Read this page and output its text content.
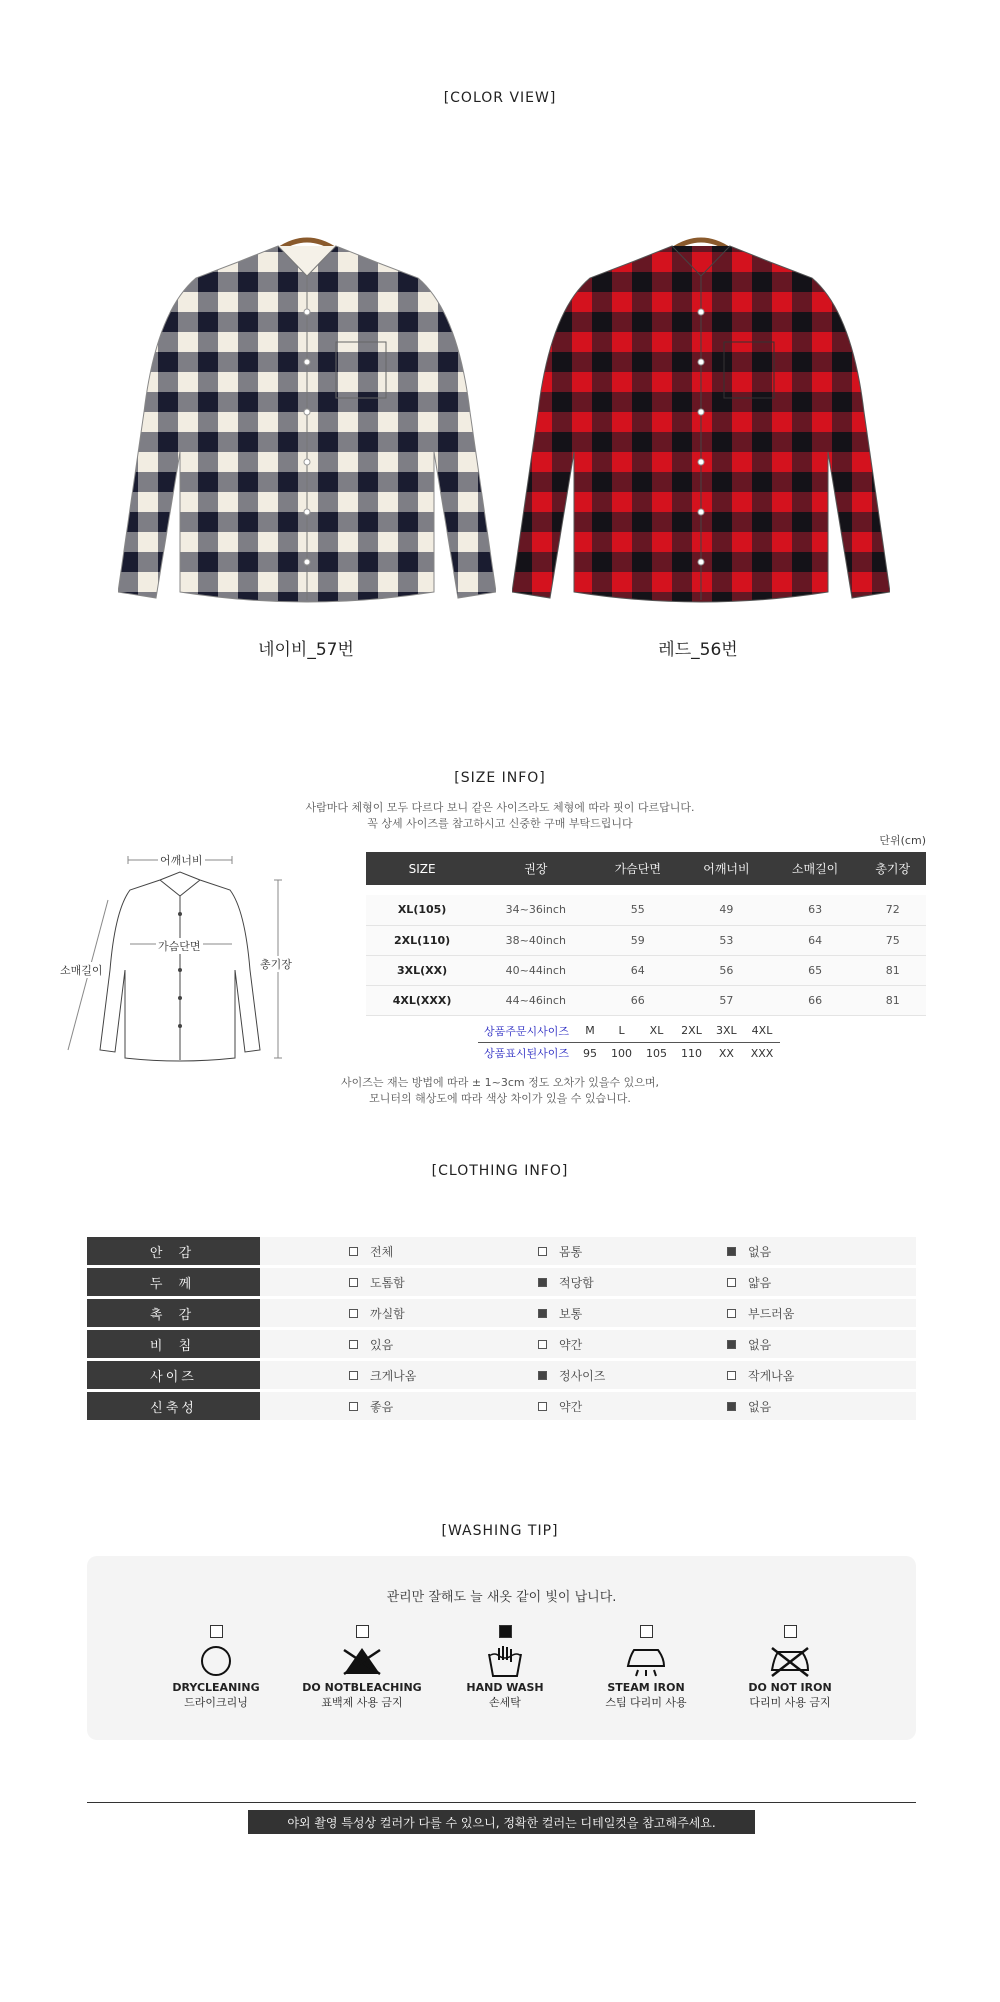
[COLOR VIEW]
네이비_57번	레드_56번
[SIZE INFO]
사람마다 체형이 모두 다르다 보니 같은 사이즈라도 체형에 따라 핏이 다르답니다.
꼭 상세 사이즈를 참고하시고 신중한 구매 부탁드립니다
단위(cm)
어깨너비
가슴단면
소매길이	총기장
SIZE	권장	가슴단면	어깨너비	소매길이	총기장

XL(105)	34~36inch	55	49	63	72
2XL(110)	38~40inch	59	53	64	75
3XL(XX)	40~44inch	64	56	65	81
4XL(XXX)	44~46inch	66	57	66	81
상품주문시사이즈	M	L	XL	2XL	3XL	4XL
상품표시된사이즈	95	100	105	110	XX	XXX
사이즈는 재는 방법에 따라 ± 1~3cm 정도 오차가 있을수 있으며,
모니터의 해상도에 따라 색상 차이가 있을 수 있습니다.
[CLOTHING INFO]
안 감	전체	몸통	없음
두 께	도톰함	적당함	얇음
촉 감	까실함	보통	부드러움
비 침	있음	약간	없음
사이즈	크게나옴	정사이즈	작게나옴
신축성	좋음	약간	없음
[WASHING TIP]
관리만 잘해도 늘 새옷 같이 빛이 납니다.
DRYCLEANING
드라이크리닝
DO NOTBLEACHING
표백제 사용 금지
HAND WASH
손세탁
STEAM IRON
스팀 다리미 사용
DO NOT IRON
다리미 사용 금지
야외 촬영 특성상 컬러가 다를 수 있으니, 정확한 컬러는 디테일컷을 참고해주세요.
